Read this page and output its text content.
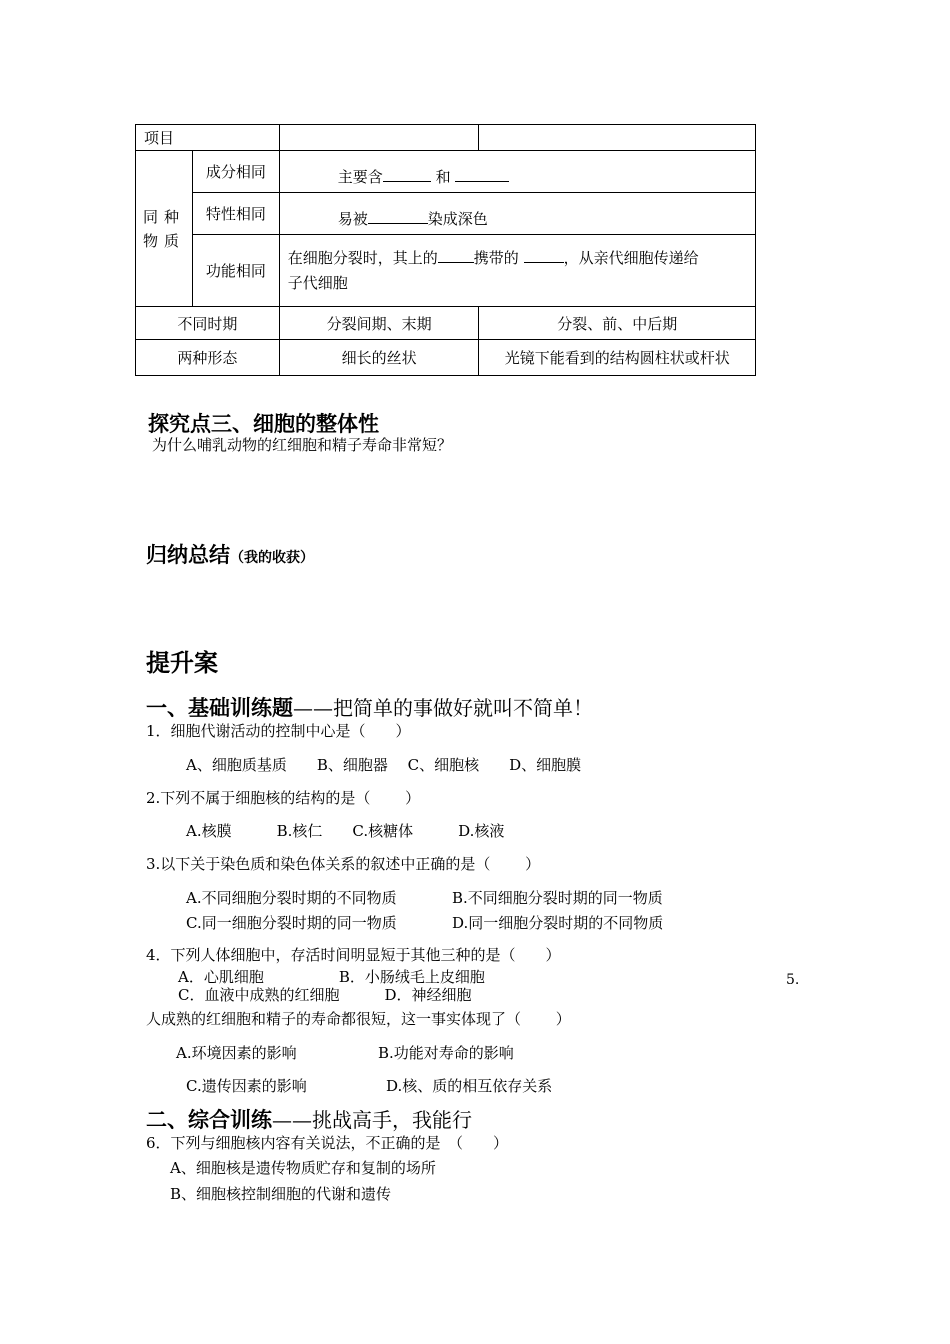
项目			
同种
物质	成分相同	主要含 和	
	特性相同	易被 染成深色	
	功能相同	在细胞分裂时，其上的 携带的 ，从亲代细胞传递给
子代细胞	
不同时期		分裂间期、末期	分裂、前、中后期
两种形态		细长的丝状	光镜下能看到的结构圆柱状或杆状
探究点三、细胞的整体性
为什么哺乳动物的红细胞和精子寿命非常短？
归纳总结（我的收获）
提升案
一、基础训练题——把简单的事做好就叫不简单！
1．细胞代谢活动的控制中心是（　　）
A、细胞质基质　　B、细胞器　 C、细胞核　　D、细胞膜
2.下列不属于细胞核的结构的是（　　 ）
A.核膜　　　B.核仁　　C.核糖体　　　D.核液
3.以下关于染色质和染色体关系的叙述中正确的是（　　 ）
A.不同细胞分裂时期的不同物质	B.不同细胞分裂时期的同一物质
C.同一细胞分裂时期的同一物质	D.同一细胞分裂时期的不同物质
4．下列人体细胞中，存活时间明显短于其他三种的是（　　）
A．心肌细胞　　　　　B．小肠绒毛上皮细胞
C．血液中成熟的红细胞　　　D．神经细胞
5.
人成熟的红细胞和精子的寿命都很短，这一事实体现了（　　 ）
A.环境因素的影响	B.功能对寿命的影响
C.遗传因素的影响	D.核、质的相互依存关系
二、综合训练——挑战高手，我能行
6．下列与细胞核内容有关说法，不正确的是　（　　）
A、细胞核是遗传物质贮存和复制的场所
B、细胞核控制细胞的代谢和遗传
